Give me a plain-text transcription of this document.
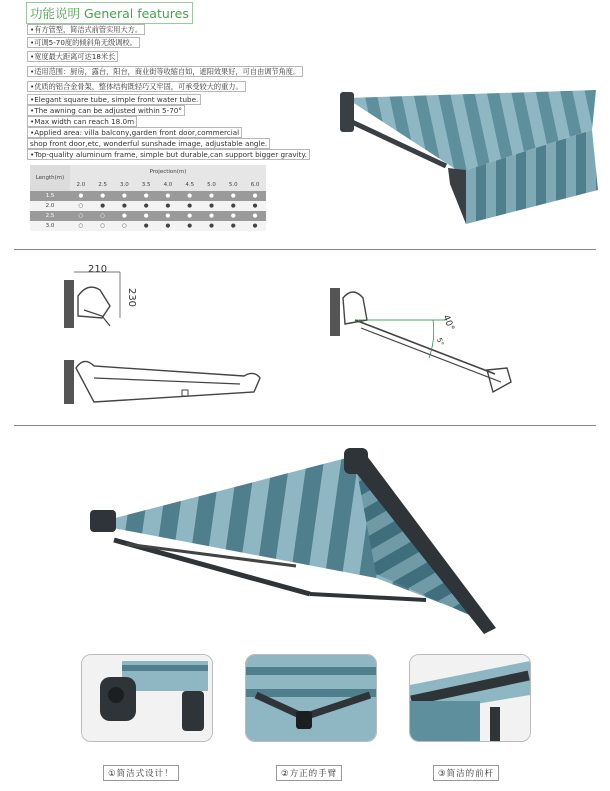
功能说明 General features
•有方管型，简洁式前管实用大方。
•可调5-70度的倾斜角无级调校。
•宽度最大距离可达18米长
•适用范围：厨房，露台，阳台，商业街等收缩自如，遮阳效果好，可自由调节角度。
•优质的铝合金骨架，整体结构既轻巧又牢固，可承受较大的重力。
•Elegant square tube, simple front water tube.
•The awning can be adjusted within 5-70°
•Max width can reach 18.0m
•Applied area: villa balcony,garden front door,commercial
shop front door,etc, wonderful sunshade image, adjustable angle.
•Top-quality aluminum frame, simple but durable,can support bigger gravity.
Length(m)	Projection(m)								
	2.0	2.5	3.0	3.5	4.0	4.5	5.0	5.0	6.0
1.5	●	●	●	●	●	●	●	●	●
2.0	○	●	●	●	●	●	●	●	●
2.5	○	○	●	●	●	●	●	●	●
3.0	○	○	○	●	●	●	●	●	●
210
230
40°
5°
①简洁式设计！	②方正的手臂	③简洁的前杆
